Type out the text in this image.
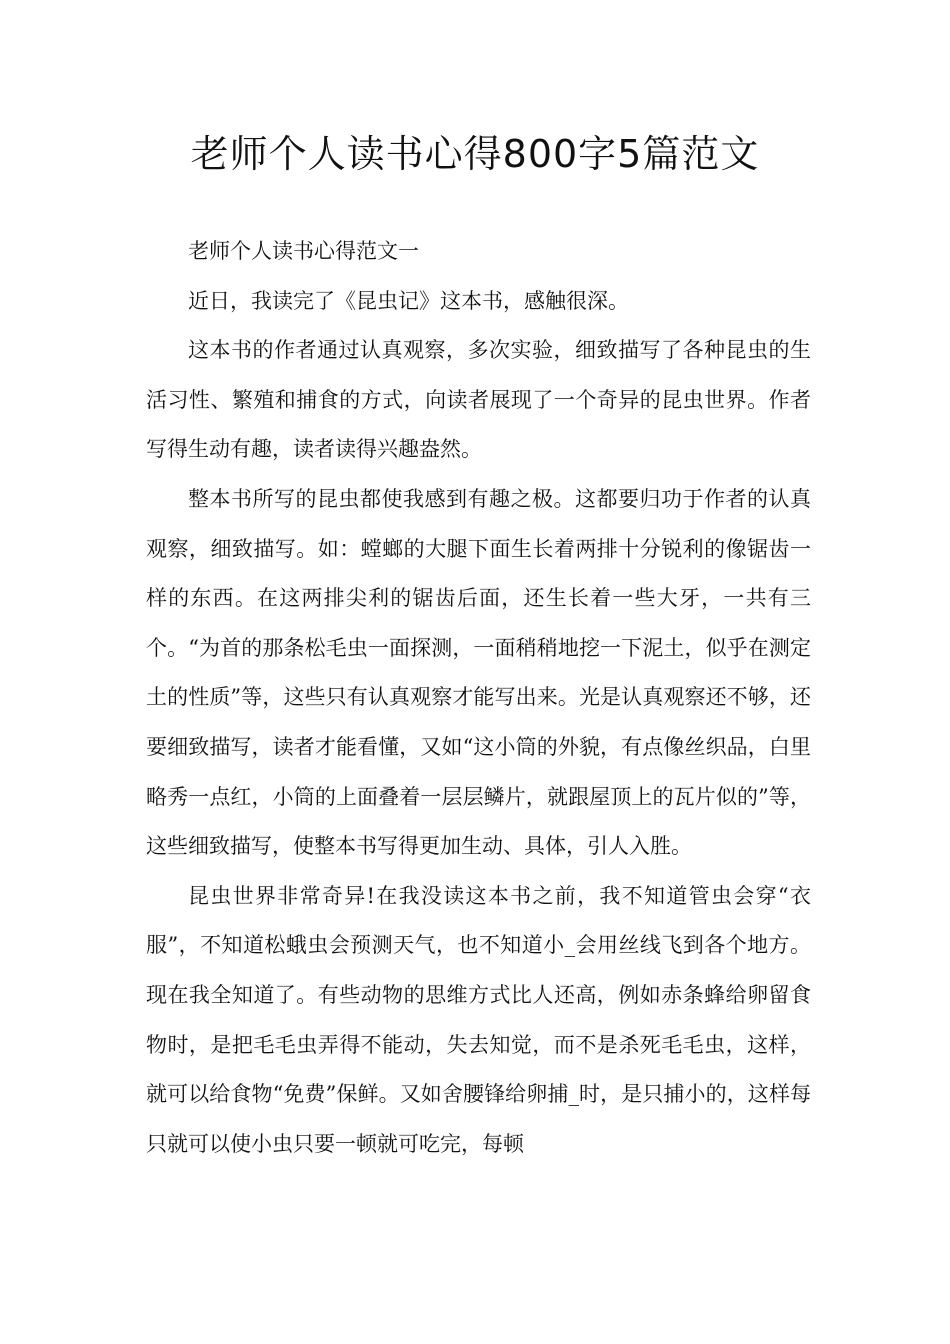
老师个人读书心得800字5篇范文

老师个人读书心得范文一

近日，我读完了《昆虫记》这本书，感触很深。

这本书的作者通过认真观察，多次实验，细致描写了各种昆虫的生活习性、繁殖和捕食的方式，向读者展现了一个奇异的昆虫世界。作者写得生动有趣，读者读得兴趣盎然。

整本书所写的昆虫都使我感到有趣之极。这都要归功于作者的认真观察，细致描写。如：螳螂的大腿下面生长着两排十分锐利的像锯齿一样的东西。在这两排尖利的锯齿后面，还生长着一些大牙，一共有三个。“为首的那条松毛虫一面探测，一面稍稍地挖一下泥土，似乎在测定土的性质”等，这些只有认真观察才能写出来。光是认真观察还不够，还要细致描写，读者才能看懂，又如“这小筒的外貌，有点像丝织品，白里略秀一点红，小筒的上面叠着一层层鳞片，就跟屋顶上的瓦片似的”等，这些细致描写，使整本书写得更加生动、具体，引人入胜。

昆虫世界非常奇异!在我没读这本书之前，我不知道管虫会穿“衣服”，不知道松蛾虫会预测天气，也不知道小_会用丝线飞到各个地方。现在我全知道了。有些动物的思维方式比人还高，例如赤条蜂给卵留食物时，是把毛毛虫弄得不能动，失去知觉，而不是杀死毛毛虫，这样，就可以给食物“免费”保鲜。又如舍腰锋给卵捕_时，是只捕小的，这样每只就可以使小虫只要一顿就可吃完，每顿
